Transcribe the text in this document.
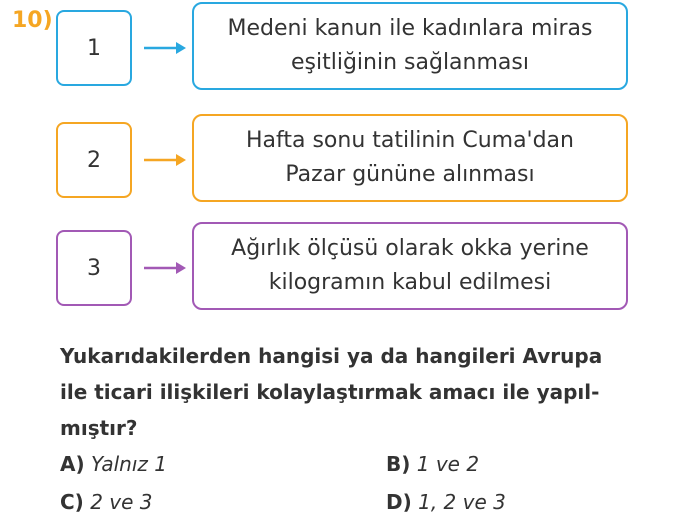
10)
1
Medeni kanun ile kadınlara miras
eşitliğinin sağlanması
2
Hafta sonu tatilinin Cuma'dan
Pazar gününe alınması
3
Ağırlık ölçüsü olarak okka yerine
kilogramın kabul edilmesi
Yukarıdakilerden hangisi ya da hangileri Avrupa
ile ticari ilişkileri kolaylaştırmak amacı ile yapıl-
mıştır?
A) Yalnız 1	B) 1 ve 2
C) 2 ve 3	D) 1, 2 ve 3
